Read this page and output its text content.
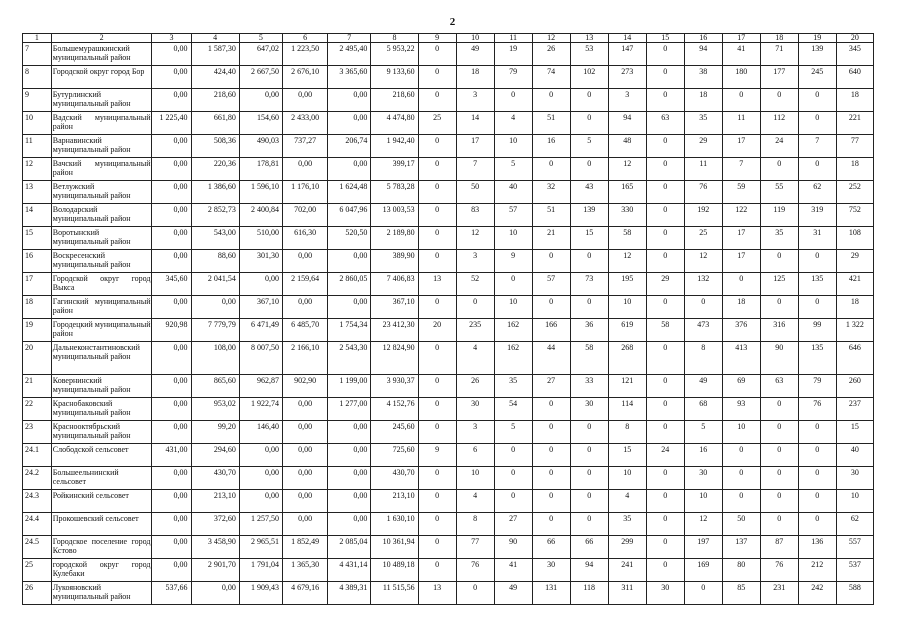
2
1	2	3	4	5	6	7	8	9	10	11	12	13	14	15	16	17	18	19	20
7	Большемурашкинский муниципальный район	0,00	1 587,30	647,02	1 223,50	2 495,40	5 953,22	0	49	19	26	53	147	0	94	41	71	139	345
8	Городской округ город Бор	0,00	424,40	2 667,50	2 676,10	3 365,60	9 133,60	0	18	79	74	102	273	0	38	180	177	245	640
9	Бутурлинский муниципальный район	0,00	218,60	0,00	0,00	0,00	218,60	0	3	0	0	0	3	0	18	0	0	0	18
10	Вадский муниципальный район	1 225,40	661,80	154,60	2 433,00	0,00	4 474,80	25	14	4	51	0	94	63	35	11	112	0	221
11	Варнавинский муниципальный район	0,00	508,36	490,03	737,27	206,74	1 942,40	0	17	10	16	5	48	0	29	17	24	7	77
12	Вачский муниципальный район	0,00	220,36	178,81	0,00	0,00	399,17	0	7	5	0	0	12	0	11	7	0	0	18
13	Ветлужский муниципальный район	0,00	1 386,60	1 596,10	1 176,10	1 624,48	5 783,28	0	50	40	32	43	165	0	76	59	55	62	252
14	Володарский муниципальный район	0,00	2 852,73	2 400,84	702,00	6 047,96	13 003,53	0	83	57	51	139	330	0	192	122	119	319	752
15	Воротынский муниципальный район	0,00	543,00	510,00	616,30	520,50	2 189,80	0	12	10	21	15	58	0	25	17	35	31	108
16	Воскресенский муниципальный район	0,00	88,60	301,30	0,00	0,00	389,90	0	3	9	0	0	12	0	12	17	0	0	29
17	Городской округ город Выкса	345,60	2 041,54	0,00	2 159,64	2 860,05	7 406,83	13	52	0	57	73	195	29	132	0	125	135	421
18	Гагинский муниципальный район	0,00	0,00	367,10	0,00	0,00	367,10	0	0	10	0	0	10	0	0	18	0	0	18
19	Городецкий муниципальный район	920,98	7 779,79	6 471,49	6 485,70	1 754,34	23 412,30	20	235	162	166	36	619	58	473	376	316	99	1 322
20	Дальнеконстантиновский муниципальный район	0,00	108,00	8 007,50	2 166,10	2 543,30	12 824,90	0	4	162	44	58	268	0	8	413	90	135	646
21	Ковернинский муниципальный район	0,00	865,60	962,87	902,90	1 199,00	3 930,37	0	26	35	27	33	121	0	49	69	63	79	260
22	Краснобаковский муниципальный район	0,00	953,02	1 922,74	0,00	1 277,00	4 152,76	0	30	54	0	30	114	0	68	93	0	76	237
23	Краснооктябрьский муниципальный район	0,00	99,20	146,40	0,00	0,00	245,60	0	3	5	0	0	8	0	5	10	0	0	15
24.1	Слободской сельсовет	431,00	294,60	0,00	0,00	0,00	725,60	9	6	0	0	0	15	24	16	0	0	0	40
24.2	Большеельнинский сельсовет	0,00	430,70	0,00	0,00	0,00	430,70	0	10	0	0	0	10	0	30	0	0	0	30
24.3	Ройкинский сельсовет	0,00	213,10	0,00	0,00	0,00	213,10	0	4	0	0	0	4	0	10	0	0	0	10
24.4	Прокошевский сельсовет	0,00	372,60	1 257,50	0,00	0,00	1 630,10	0	8	27	0	0	35	0	12	50	0	0	62
24.5	Городское поселение город Кстово	0,00	3 458,90	2 965,51	1 852,49	2 085,04	10 361,94	0	77	90	66	66	299	0	197	137	87	136	557
25	городской округ город Кулебаки	0,00	2 901,70	1 791,04	1 365,30	4 431,14	10 489,18	0	76	41	30	94	241	0	169	80	76	212	537
26	Лукояновский муниципальный район	537,66	0,00	1 909,43	4 679,16	4 389,31	11 515,56	13	0	49	131	118	311	30	0	85	231	242	588
